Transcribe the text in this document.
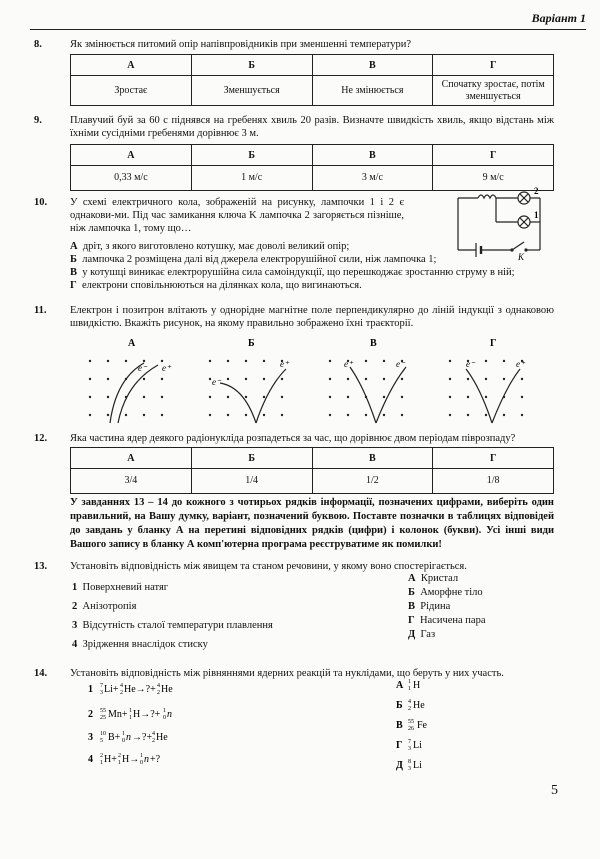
Варіант 1
8.	Як змінюється питомий опір напівпровідників при зменшенні температури?
А	Б	В	Г
Зростає	Зменшується	Не змінюється	Спочатку зростає, потім зменшується
9.	Плавучий буй за 60 с піднявся на гребенях хвиль 20 разів. Визначте швидкість хвиль, якщо відстань між їхніми сусідніми гребенями дорівнює 3 м.
А	Б	В	Г
0,33 м/с	1 м/с	3 м/с	9 м/с
10. У схемі електричного кола, зображеній на рисунку, лампочки 1 і 2 є однакови-ми. Під час замикання ключа K лампочка 2 загоряється пізніше, ніж лампочка 1, тому що…
2
1
K
А дріт, з якого виготовлено котушку, має доволі великий опір;
Б лампочка 2 розміщена далі від джерела електрорушійної сили, ніж лампочка 1;
В у котушці виникає електрорушійна сила самоіндукції, що перешкоджає зростанню струму в ній;
Г електрони сповільнюються на ділянках кола, що вигинаються.
11. Електрон і позитрон влітають у однорідне магнітне поле перпендикулярно до ліній індукції з однаковою швидкістю. Вкажіть рисунок, на якому правильно зображено їхні траєкторії.
А	Б	В	Г
e⁻ e⁺
e⁻
e⁺	e⁺	e⁻	e⁻	e⁺
12. Яка частина ядер деякого радіонукліда розпадеться за час, що дорівнює двом періодам піврозпаду?
А	Б	В	Г
3/4	1/4	1/2	1/8
У завданнях 13 – 14 до кожного з чотирьох рядків інформації, позначених цифрами, виберіть один правильний, на Вашу думку, варіант, позначений буквою. Поставте позначки в таблицях відповідей до завдань у бланку А на перетині відповідних рядків (цифри) і колонок (букви). Усі інші види Вашого запису в бланку А комп'ютерна програма реєструватиме як помилки!
13. Установіть відповідність між явищем та станом речовини, у якому воно спостерігається.
1 Поверхневий натяг
2 Анізотропія
3 Відсутність сталої температури плавлення
4 Зрідження внаслідок стиску
А Кристал
Б Аморфне тіло
В Рідина
Г Насичена пара
Д Газ
14. Установіть відповідність між рівняннями ядерних реакцій та нуклідами, що беруть у них участь.
1
2
3
4
7
3 Li+ 4
2 He→?+ 4
2 He
55
25 Mn+ 1
1 H→?+ 1
0 n
10
5 B+ 1
0 n →?+ 4
2 He
2
1 H+ 2
1 H→ 1
0 n +?
А
Б
В
Г
Д
1
1 H
4
2 He
55
26 Fe
7
3 Li
8
3 Li
5
